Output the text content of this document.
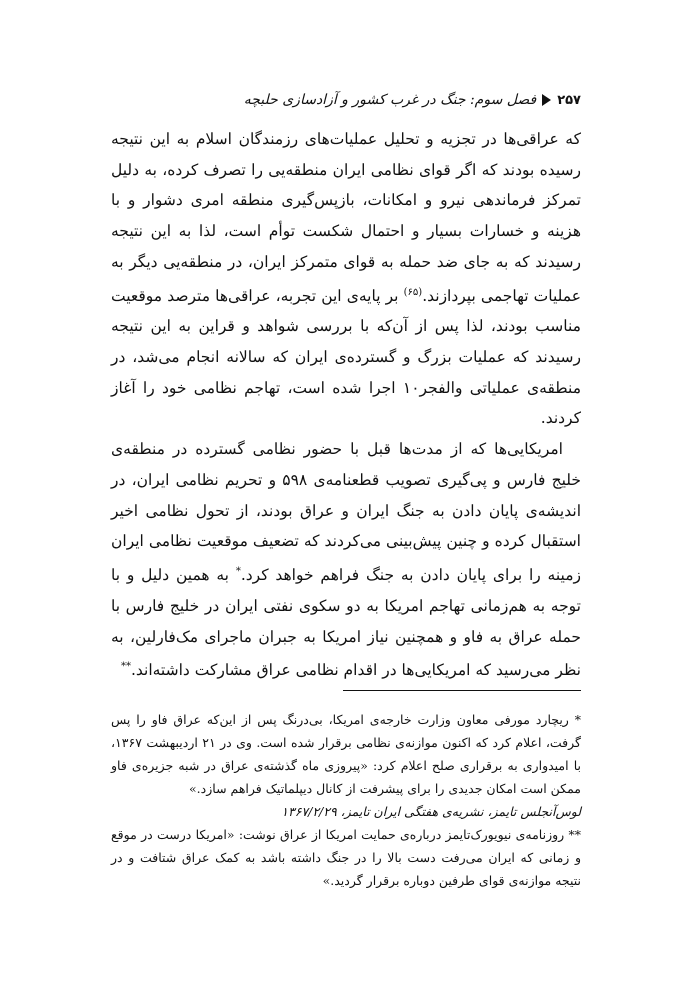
۲۵۷
فصل سوم: جنگ در غرب کشور و آزادسازی حلبچه

که عراقی‌ها در تجزیه و تحلیل عملیات‌های رزمندگان اسلام به این نتیجه رسیده بودند که اگر قوای نظامی ایران منطقه‌یی را تصرف کرده، به دلیل تمرکز فرماندهی نیرو و امکانات، بازپس‌گیری منطقه امری دشوار و با هزینه و خسارات بسیار و احتمال شکست توأم است، لذا به این نتیجه رسیدند که به جای ضد حمله به قوای متمرکز ایران، در منطقه‌یی دیگر به عملیات تهاجمی بپردازند.$^{(۶۵)}$ بر پایه‌ی این تجربه، عراقی‌ها مترصد موقعیت مناسب بودند، لذا پس از آن‌که با بررسی شواهد و قراین به این نتیجه رسیدند که عملیات بزرگ و گسترده‌ی ایران که سالانه انجام می‌شد، در منطقه‌ی عملیاتی والفجر۱۰ اجرا شده است، تهاجم نظامی خود را آغاز کردند.

امریکایی‌ها که از مدت‌ها قبل با حضور نظامی گسترده در منطقه‌ی خلیج فارس و پی‌گیری تصویب قطعنامه‌ی ۵۹۸ و تحریم نظامی ایران، در اندیشه‌ی پایان دادن به جنگ ایران و عراق بودند، از تحول نظامی اخیر استقبال کرده و چنین پیش‌بینی می‌کردند که تضعیف موقعیت نظامی ایران زمینه را برای پایان دادن به جنگ فراهم خواهد کرد.* به همین دلیل و با توجه به هم‌زمانی تهاجم امریکا به دو سکوی نفتی ایران در خلیج فارس با حمله عراق به فاو و همچنین نیاز امریکا به جبران ماجرای مک‌فارلین، به نظر می‌رسید که امریکایی‌ها در اقدام نظامی عراق مشارکت داشته‌اند.**

* ریچارد مورفی معاون وزارت خارجه‌ی امریکا، بی‌درنگ پس از این‌که عراق فاو را پس گرفت، اعلام کرد که اکنون موازنه‌ی نظامی برقرار شده است. وی در ۲۱ اردیبهشت ۱۳۶۷، با امیدواری به برقراری صلح اعلام کرد: «پیروزی ماه گذشته‌ی عراق در شبه جزیره‌ی فاو ممکن است امکان جدیدی را برای پیشرفت از کانال دیپلماتیک فراهم سازد.»

لوس‌آنجلس تایمز، نشریه‌ی هفتگی ایران تایمز، ۱۳۶۷/۲/۲۹

** روزنامه‌ی نیویورک‌تایمز درباره‌ی حمایت امریکا از عراق نوشت: «امریکا درست در موقع و زمانی که ایران می‌رفت دست بالا را در جنگ داشته باشد به کمک عراق شتافت و در نتیجه موازنه‌ی قوای طرفین دوباره برقرار گردید.»
